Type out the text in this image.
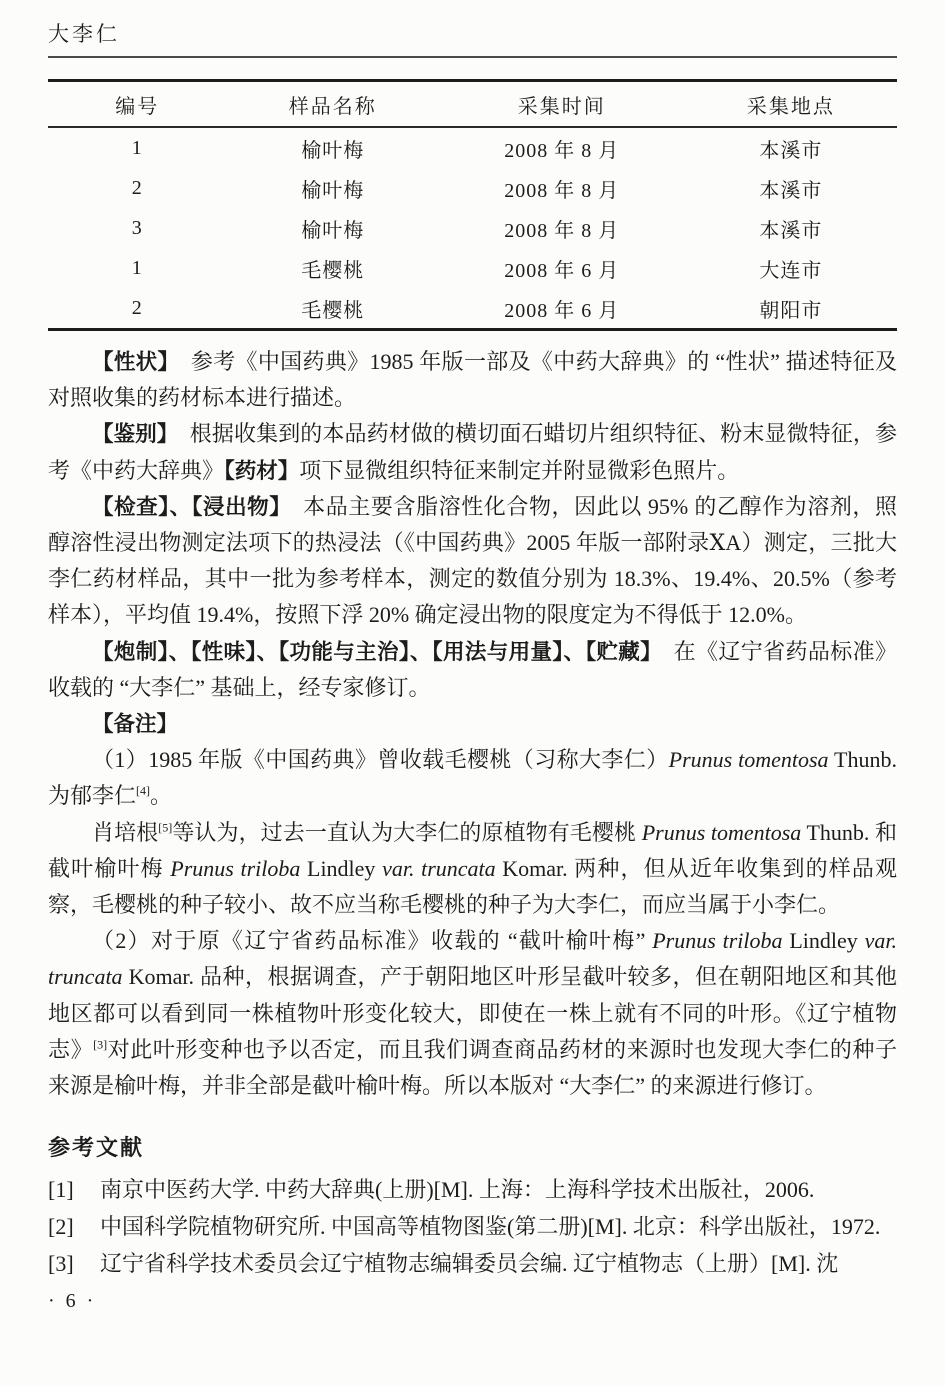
大李仁
编号	样品名称	采集时间	采集地点
1	榆叶梅	2008 年 8 月	本溪市
2	榆叶梅	2008 年 8 月	本溪市
3	榆叶梅	2008 年 8 月	本溪市
1	毛樱桃	2008 年 6 月	大连市
2	毛樱桃	2008 年 6 月	朝阳市

【性状】　参考《中国药典》1985 年版一部及《中药大辞典》的 “性状” 描述特征及对照收集的药材标本进行描述。

【鉴别】　根据收集到的本品药材做的横切面石蜡切片组织特征、粉末显微特征，参考《中药大辞典》【药材】项下显微组织特征来制定并附显微彩色照片。

【检查】、【浸出物】　本品主要含脂溶性化合物，因此以 95% 的乙醇作为溶剂，照醇溶性浸出物测定法项下的热浸法（《中国药典》2005 年版一部附录ⅩA）测定，三批大李仁药材样品，其中一批为参考样本，测定的数值分别为 18.3%、19.4%、20.5%（参考样本），平均值 19.4%，按照下浮 20% 确定浸出物的限度定为不得低于 12.0%。

【炮制】、【性味】、【功能与主治】、【用法与用量】、【贮藏】　在《辽宁省药品标准》收载的 “大李仁” 基础上，经专家修订。

【备注】

（1）1985 年版《中国药典》曾收载毛樱桃（习称大李仁）Prunus tomentosa Thunb. 为郁李仁[4]。

肖培根[5]等认为，过去一直认为大李仁的原植物有毛樱桃 Prunus tomentosa Thunb. 和截叶榆叶梅 Prunus triloba Lindley var. truncata Komar. 两种，但从近年收集到的样品观察，毛樱桃的种子较小、故不应当称毛樱桃的种子为大李仁，而应当属于小李仁。

（2）对于原《辽宁省药品标准》收载的 “截叶榆叶梅” Prunus triloba Lindley var. truncata Komar. 品种，根据调查，产于朝阳地区叶形呈截叶较多，但在朝阳地区和其他地区都可以看到同一株植物叶形变化较大，即使在一株上就有不同的叶形。《辽宁植物志》[3]对此叶形变种也予以否定，而且我们调查商品药材的来源时也发现大李仁的种子来源是榆叶梅，并非全部是截叶榆叶梅。所以本版对 “大李仁” 的来源进行修订。

参考文献
[1]	南京中医药大学. 中药大辞典(上册)[M]. 上海：上海科学技术出版社，2006.
[2]	中国科学院植物研究所. 中国高等植物图鉴(第二册)[M]. 北京：科学出版社，1972.
[3]	辽宁省科学技术委员会辽宁植物志编辑委员会编. 辽宁植物志（上册）[M]. 沈
· 6 ·
